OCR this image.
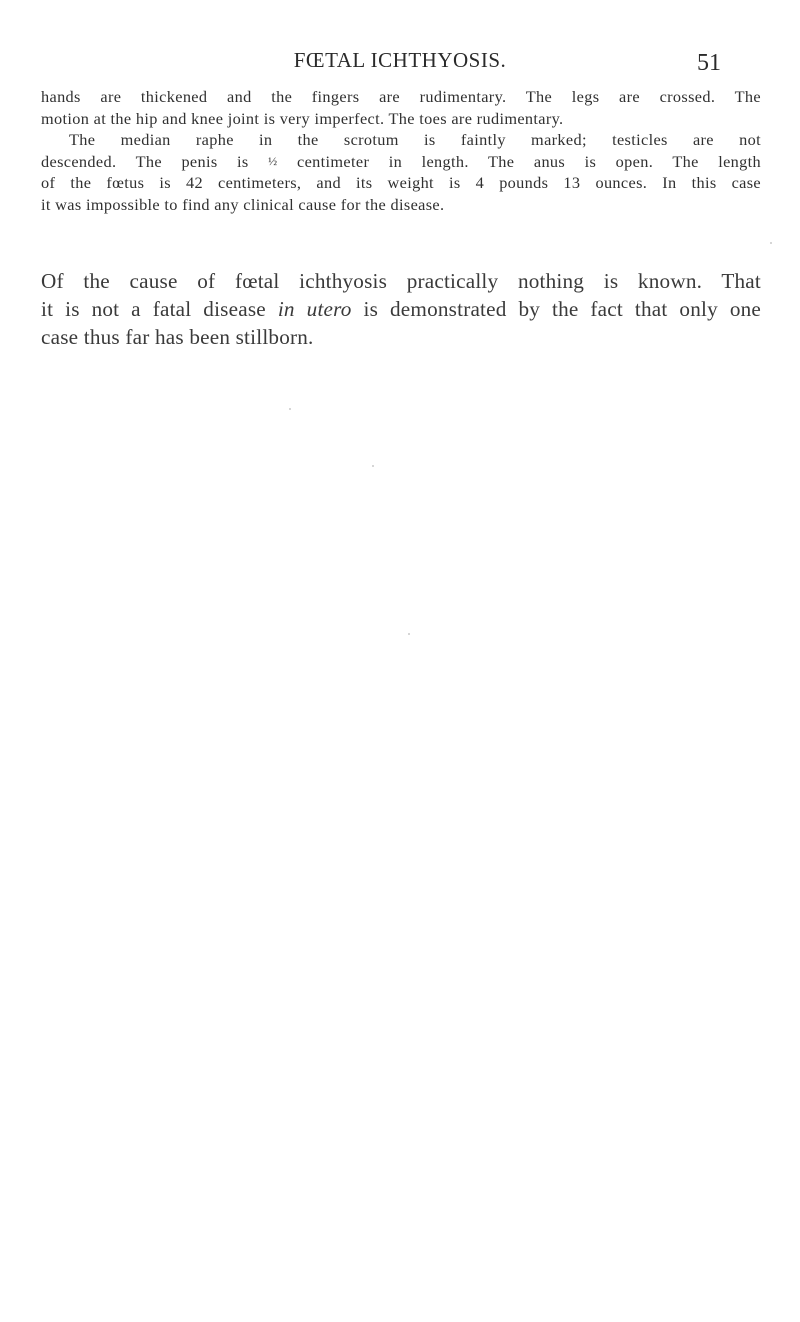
FŒTAL ICHTHYOSIS.	51
hands are thickened and the fingers are rudimentary. The legs are crossed. The
motion at the hip and knee joint is very imperfect. The toes are rudimentary.
The median raphe in the scrotum is faintly marked; testicles are not
descended. The penis is ½ centimeter in length. The anus is open. The length
of the fœtus is 42 centimeters, and its weight is 4 pounds 13 ounces. In this case
it was impossible to find any clinical cause for the disease.
Of the cause of fœtal ichthyosis practically nothing is known. That
it is not a fatal disease in utero is demonstrated by the fact that only one
case thus far has been stillborn.
